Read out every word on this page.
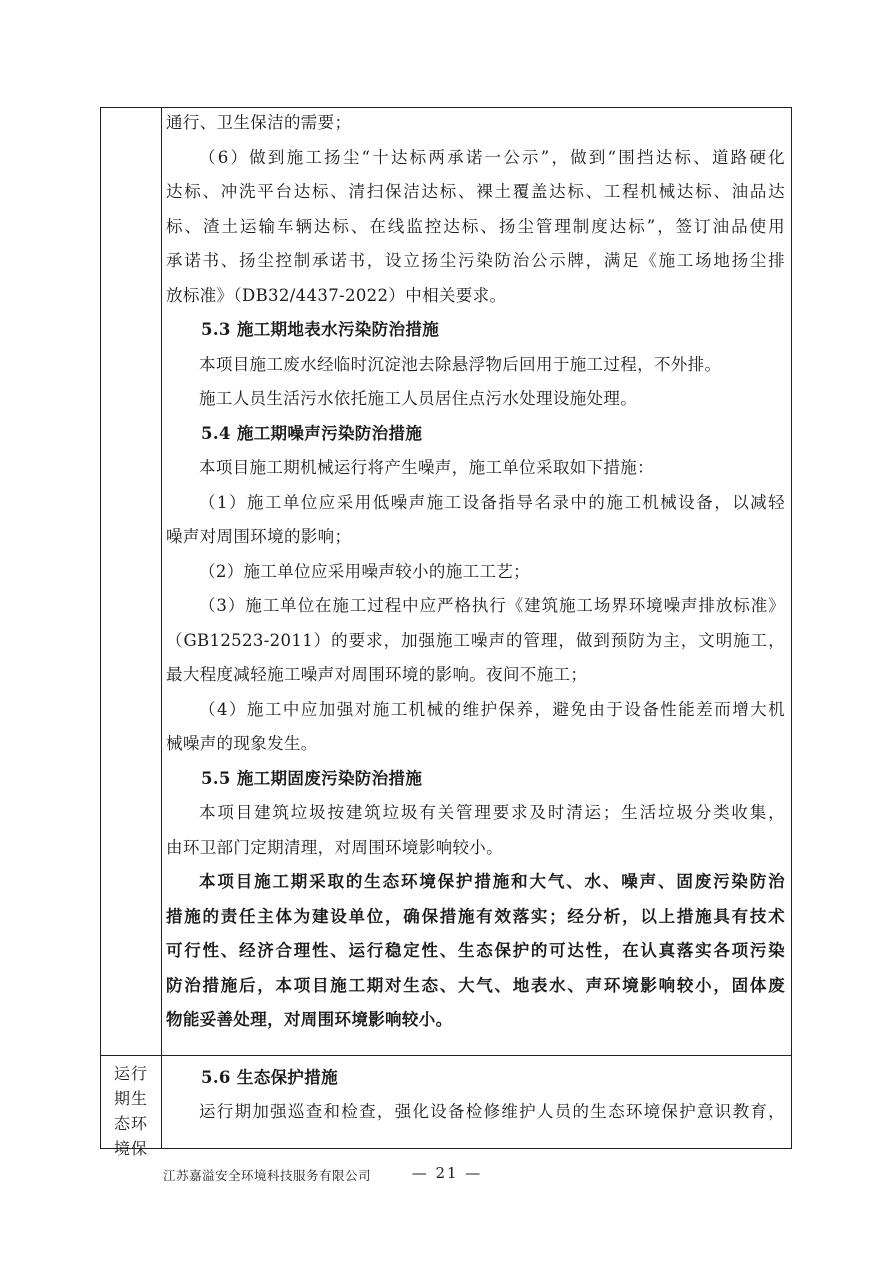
通行、卫生保洁的需要；
（6）做到施工扬尘“十达标两承诺一公示”，做到“围挡达标、道路硬化
达标、冲洗平台达标、清扫保洁达标、裸土覆盖达标、工程机械达标、油品达
标、渣土运输车辆达标、在线监控达标、扬尘管理制度达标”，签订油品使用
承诺书、扬尘控制承诺书，设立扬尘污染防治公示牌，满足《施工场地扬尘排
放标准》（DB32/4437-2022）中相关要求。
5.3 施工期地表水污染防治措施
本项目施工废水经临时沉淀池去除悬浮物后回用于施工过程，不外排。
施工人员生活污水依托施工人员居住点污水处理设施处理。
5.4 施工期噪声污染防治措施
本项目施工期机械运行将产生噪声，施工单位采取如下措施：
（1）施工单位应采用低噪声施工设备指导名录中的施工机械设备，以减轻
噪声对周围环境的影响；
（2）施工单位应采用噪声较小的施工工艺；
（3）施工单位在施工过程中应严格执行《建筑施工场界环境噪声排放标准》
（GB12523-2011）的要求，加强施工噪声的管理，做到预防为主，文明施工，
最大程度减轻施工噪声对周围环境的影响。夜间不施工；
（4）施工中应加强对施工机械的维护保养，避免由于设备性能差而增大机
械噪声的现象发生。
5.5 施工期固废污染防治措施
本项目建筑垃圾按建筑垃圾有关管理要求及时清运；生活垃圾分类收集，
由环卫部门定期清理，对周围环境影响较小。
本项目施工期采取的生态环境保护措施和大气、水、噪声、固废污染防治
措施的责任主体为建设单位，确保措施有效落实；经分析，以上措施具有技术
可行性、经济合理性、运行稳定性、生态保护的可达性，在认真落实各项污染
防治措施后，本项目施工期对生态、大气、地表水、声环境影响较小，固体废
物能妥善处理，对周围环境影响较小。
运行
期生
态环
境保
5.6 生态保护措施
运行期加强巡查和检查，强化设备检修维护人员的生态环境保护意识教育，
江苏嘉溢安全环境科技服务有限公司	— 21 —
